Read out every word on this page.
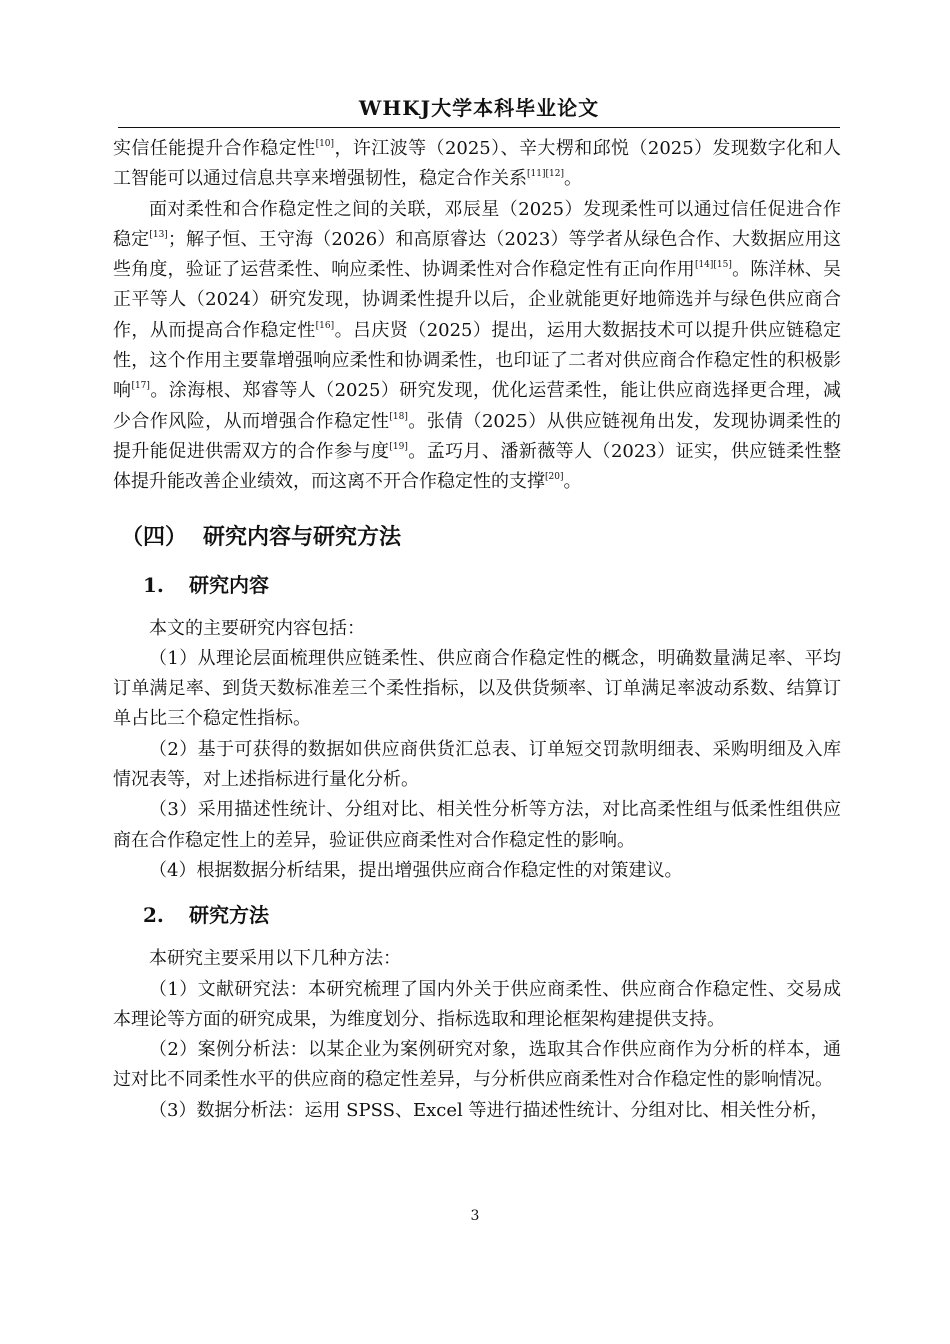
WHKJ大学本科毕业论文

实信任能提升合作稳定性[10]，许江波等（2025）、辛大楞和邱悦（2025）发现数字化和人工智能可以通过信息共享来增强韧性，稳定合作关系[11][12]。

面对柔性和合作稳定性之间的关联，邓辰星（2025）发现柔性可以通过信任促进合作稳定[13]；解子恒、王守海（2026）和高原睿达（2023）等学者从绿色合作、大数据应用这些角度，验证了运营柔性、响应柔性、协调柔性对合作稳定性有正向作用[14][15]。陈洋林、吴正平等人（2024）研究发现，协调柔性提升以后，企业就能更好地筛选并与绿色供应商合作，从而提高合作稳定性[16]。吕庆贤（2025）提出，运用大数据技术可以提升供应链稳定性，这个作用主要靠增强响应柔性和协调柔性，也印证了二者对供应商合作稳定性的积极影响[17]。涂海根、郑睿等人（2025）研究发现，优化运营柔性，能让供应商选择更合理，减少合作风险，从而增强合作稳定性[18]。张倩（2025）从供应链视角出发，发现协调柔性的提升能促进供需双方的合作参与度[19]。孟巧月、潘新薇等人（2023）证实，供应链柔性整体提升能改善企业绩效，而这离不开合作稳定性的支撑[20]。

（四） 研究内容与研究方法
1. 研究内容

本文的主要研究内容包括：

（1）从理论层面梳理供应链柔性、供应商合作稳定性的概念，明确数量满足率、平均订单满足率、到货天数标准差三个柔性指标，以及供货频率、订单满足率波动系数、结算订单占比三个稳定性指标。

（2）基于可获得的数据如供应商供货汇总表、订单短交罚款明细表、采购明细及入库情况表等，对上述指标进行量化分析。

（3）采用描述性统计、分组对比、相关性分析等方法，对比高柔性组与低柔性组供应商在合作稳定性上的差异，验证供应商柔性对合作稳定性的影响。

（4）根据数据分析结果，提出增强供应商合作稳定性的对策建议。

2. 研究方法

本研究主要采用以下几种方法：

（1）文献研究法：本研究梳理了国内外关于供应商柔性、供应商合作稳定性、交易成本理论等方面的研究成果，为维度划分、指标选取和理论框架构建提供支持。

（2）案例分析法：以某企业为案例研究对象，选取其合作供应商作为分析的样本，通过对比不同柔性水平的供应商的稳定性差异，与分析供应商柔性对合作稳定性的影响情况。

（3）数据分析法：运用 SPSS、Excel 等进行描述性统计、分组对比、相关性分析，

3
